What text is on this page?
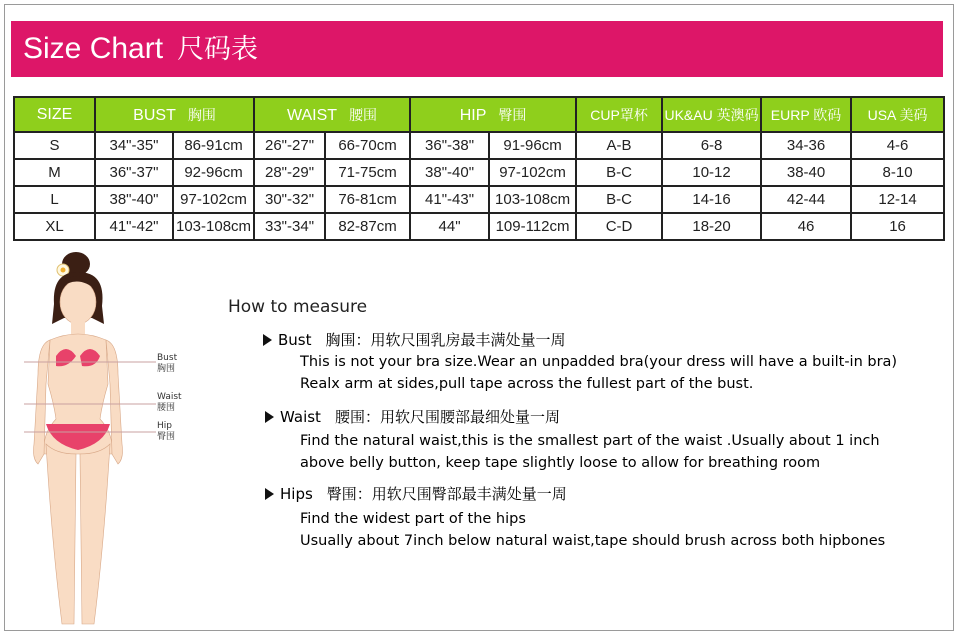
Size Chart 尺码表
SIZE	BUST 胸围		WAIST 腰围		HIP 臀围		CUP罩杯	UK&AU 英澳码	EURP 欧码	USA 美码
S	34"-35"	86-91cm	26"-27"	66-70cm	36"-38"	91-96cm	A-B	6-8	34-36	4-6
M	36"-37"	92-96cm	28"-29"	71-75cm	38"-40"	97-102cm	B-C	10-12	38-40	8-10
L	38"-40"	97-102cm	30"-32"	76-81cm	41"-43"	103-108cm	B-C	14-16	42-44	12-14
XL	41"-42"	103-108cm	33"-34"	82-87cm	44"	109-112cm	C-D	18-20	46	16
Bust
胸围
Waist
腰围
Hip
臀围
How to measure
Bust 胸围：用软尺围乳房最丰满处量一周
This is not your bra size.Wear an unpadded bra(your dress will have a built-in bra)
Realx arm at sides,pull tape across the fullest part of the bust.
Waist 腰围：用软尺围腰部最细处量一周
Find the natural waist,this is the smallest part of the waist .Usually about 1 inch
above belly button, keep tape slightly loose to allow for breathing room
Hips 臀围：用软尺围臀部最丰满处量一周
Find the widest part of the hips
Usually about 7inch below natural waist,tape should brush across both hipbones
